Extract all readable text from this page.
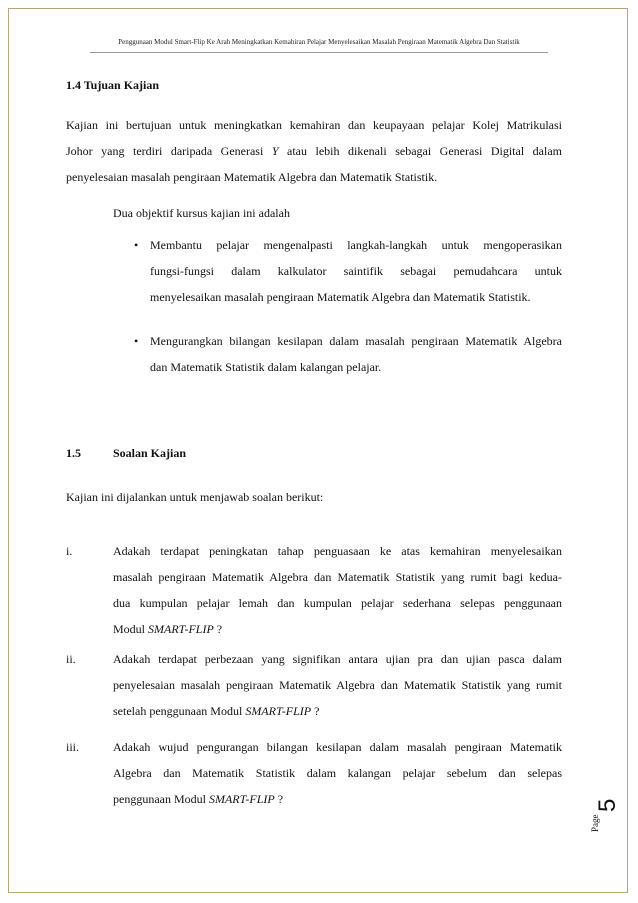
Penggunaan Modul Smart-Flip Ke Arah Meningkatkan Kemahiran Pelajar Menyelesaikan Masalah Pengiraan Matematik Algebra Dan Statistik
1.4 Tujuan Kajian
Kajian ini bertujuan untuk meningkatkan kemahiran dan keupayaan pelajar Kolej Matrikulasi
Johor yang terdiri daripada Generasi Y atau lebih dikenali sebagai Generasi Digital dalam
penyelesaian masalah pengiraan Matematik Algebra dan Matematik Statistik.
Dua objektif kursus kajian ini adalah
• Membantu pelajar mengenalpasti langkah-langkah untuk mengoperasikan
fungsi-fungsi dalam kalkulator saintifik sebagai pemudahcara untuk
menyelesaikan masalah pengiraan Matematik Algebra dan Matematik Statistik.
• Mengurangkan bilangan kesilapan dalam masalah pengiraan Matematik Algebra
dan Matematik Statistik dalam kalangan pelajar.
1.5	Soalan Kajian
Kajian ini dijalankan untuk menjawab soalan berikut:
i.	Adakah terdapat peningkatan tahap penguasaan ke atas kemahiran menyelesaikan
masalah pengiraan Matematik Algebra dan Matematik Statistik yang rumit bagi kedua-
dua kumpulan pelajar lemah dan kumpulan pelajar sederhana selepas penggunaan
Modul SMART-FLIP ?
ii.	Adakah terdapat perbezaan yang signifikan antara ujian pra dan ujian pasca dalam
penyelesaian masalah pengiraan Matematik Algebra dan Matematik Statistik yang rumit
setelah penggunaan Modul SMART-FLIP ?
iii.	Adakah wujud pengurangan bilangan kesilapan dalam masalah pengiraan Matematik
Algebra dan Matematik Statistik dalam kalangan pelajar sebelum dan selepas
penggunaan Modul SMART-FLIP ?
Page
5
